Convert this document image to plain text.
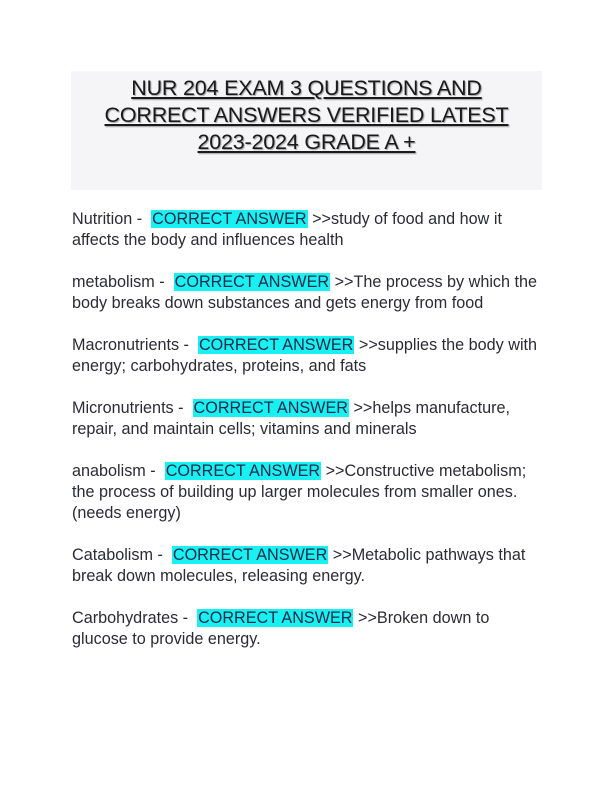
NUR 204 EXAM 3 QUESTIONS AND
CORRECT ANSWERS VERIFIED LATEST
2023-2024 GRADE A +

Nutrition -  CORRECT ANSWER >>study of food and how it affects the body and influences health

metabolism -  CORRECT ANSWER >>The process by which the body breaks down substances and gets energy from food

Macronutrients -  CORRECT ANSWER >>supplies the body with energy; carbohydrates, proteins, and fats

Micronutrients -  CORRECT ANSWER >>helps manufacture, repair, and maintain cells; vitamins and minerals

anabolism -  CORRECT ANSWER >>Constructive metabolism; the process of building up larger molecules from smaller ones. (needs energy)

Catabolism -  CORRECT ANSWER >>Metabolic pathways that break down molecules, releasing energy.

Carbohydrates -  CORRECT ANSWER >>Broken down to glucose to provide energy.
